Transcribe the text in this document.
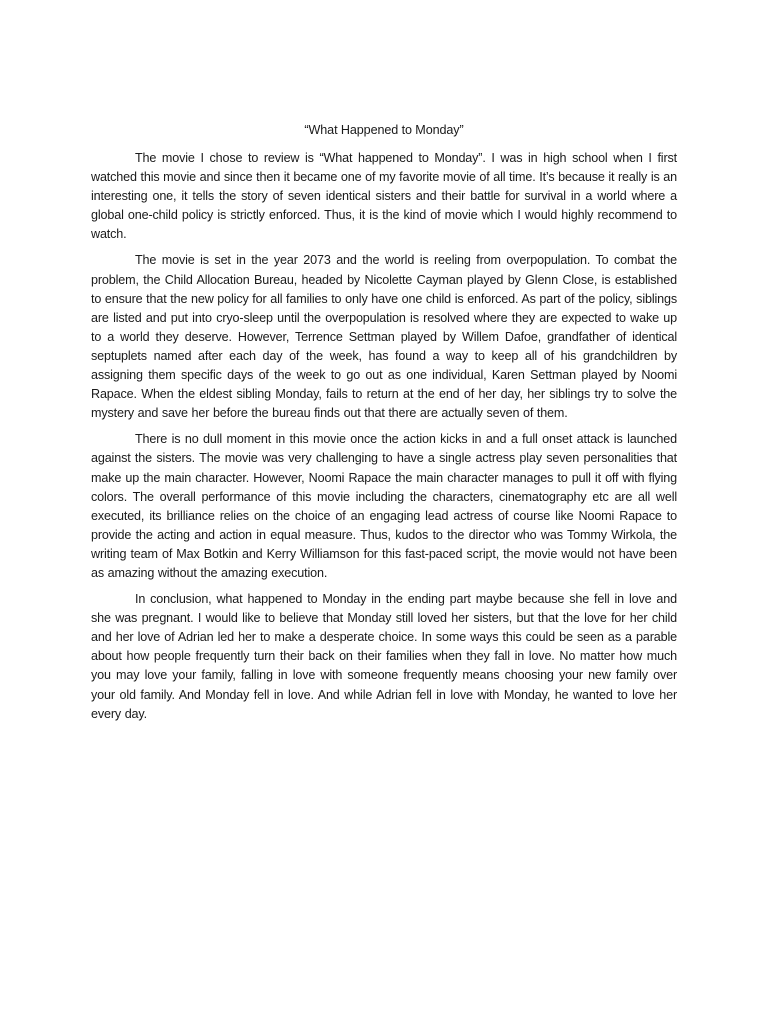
“What Happened to Monday”

The movie I chose to review is “What happened to Monday”. I was in high school when I first watched this movie and since then it became one of my favorite movie of all time. It’s because it really is an interesting one, it tells the story of seven identical sisters and their battle for survival in a world where a global one-child policy is strictly enforced. Thus, it is the kind of movie which I would highly recommend to watch.

The movie is set in the year 2073 and the world is reeling from overpopulation. To combat the problem, the Child Allocation Bureau, headed by Nicolette Cayman played by Glenn Close, is established to ensure that the new policy for all families to only have one child is enforced. As part of the policy, siblings are listed and put into cryo-sleep until the overpopulation is resolved where they are expected to wake up to a world they deserve. However, Terrence Settman played by Willem Dafoe, grandfather of identical septuplets named after each day of the week, has found a way to keep all of his grandchildren by assigning them specific days of the week to go out as one individual, Karen Settman played by Noomi Rapace. When the eldest sibling Monday, fails to return at the end of her day, her siblings try to solve the mystery and save her before the bureau finds out that there are actually seven of them.

There is no dull moment in this movie once the action kicks in and a full onset attack is launched against the sisters. The movie was very challenging to have a single actress play seven personalities that make up the main character. However, Noomi Rapace the main character manages to pull it off with flying colors. The overall performance of this movie including the characters, cinematography etc are all well executed, its brilliance relies on the choice of an engaging lead actress of course like Noomi Rapace to provide the acting and action in equal measure. Thus, kudos to the director who was Tommy Wirkola, the writing team of Max Botkin and Kerry Williamson for this fast-paced script, the movie would not have been as amazing without the amazing execution.

In conclusion, what happened to Monday in the ending part maybe because she fell in love and she was pregnant. I would like to believe that Monday still loved her sisters, but that the love for her child and her love of Adrian led her to make a desperate choice. In some ways this could be seen as a parable about how people frequently turn their back on their families when they fall in love. No matter how much you may love your family, falling in love with someone frequently means choosing your new family over your old family. And Monday fell in love. And while Adrian fell in love with Monday, he wanted to love her every day.
